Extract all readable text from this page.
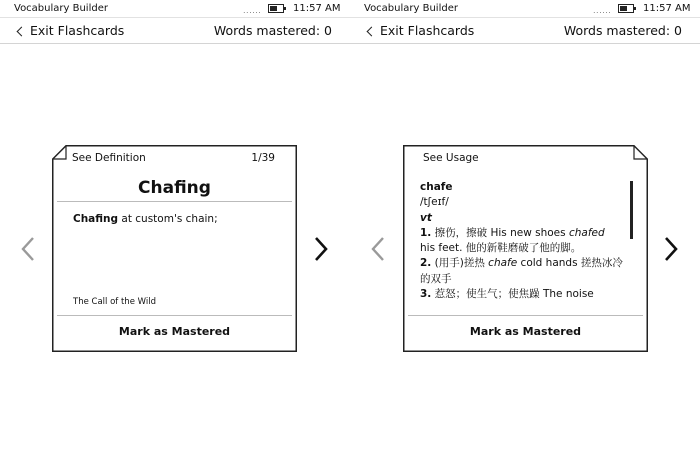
Vocabulary Builder	......	11:57 AM
Exit Flashcards	Words mastered: 0
See Definition	1/39
Chafing
Chafing at custom's chain;
The Call of the Wild
Mark as Mastered
Vocabulary Builder	......	11:57 AM
Exit Flashcards	Words mastered: 0
See Usage
chafe
/tʃeɪf/
vt
1. 擦伤，擦破 His new shoes chafed his feet. 他的新鞋磨破了他的脚。
2. (用手)搓热 chafe cold hands 搓热冰冷的双手
3. 惹怒；使生气；使焦躁 The noise
Mark as Mastered
